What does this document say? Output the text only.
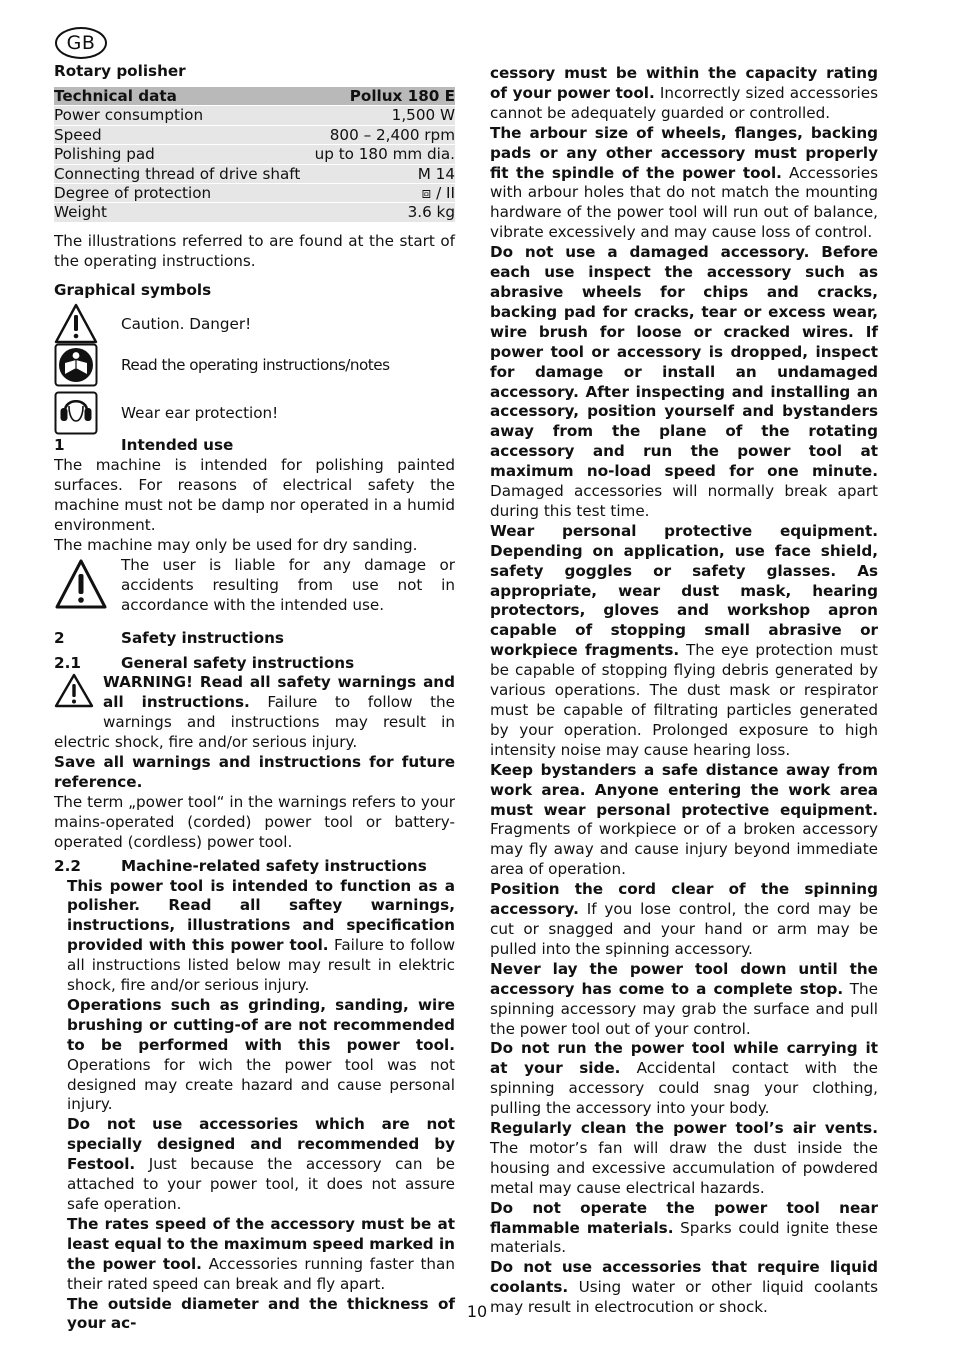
GB

Rotary polisher

Technical data	Pollux 180 E
Power consumption	1,500 W
Speed	800 – 2,400 rpm
Polishing pad	up to 180 mm dia.
Connecting thread of drive shaft	M 14
Degree of protection	⧈ / II
Weight	3.6 kg

The illustrations referred to are found at the start of the operating instructions.

Graphical symbols

Caution. Danger!
Read the operating instructions/notes
Wear ear protection!
1	Intended use

The machine is intended for polishing painted surfaces. For reasons of electrical safety the machine must not be damp nor operated in a humid environment.

The machine may only be used for dry sanding.

The user is liable for any damage or accidents resulting from use not in accordance with the intended use.

2	Safety instructions
2.1	General safety instructions

WARNING! Read all safety warnings and all instructions. Failure to follow the warnings and instructions may result in electric shock, fire and/or serious injury.

Save all warnings and instructions for future reference.

The term „power tool“ in the warnings refers to your mains-operated (corded) power tool or battery-operated (cordless) power tool.

2.2	Machine-related safety instructions

This power tool is intended to function as a polisher. Read all saftey warnings, instructions, illustrations and specification provided with this power tool. Failure to follow all instructions listed below may result in elektric shock, fire and/or serious injury.

Operations such as grinding, sanding, wire brushing or cutting-of are not recommended to be performed with this power tool. Operations for wich the power tool was not designed may create hazard and cause personal injury.

Do not use accessories which are not specially designed and recommended by Festool. Just because the accessory can be attached to your power tool, it does not assure safe operation.

The rates speed of the accessory must be at least equal to the maximum speed marked in the power tool. Accessories running faster than their rated speed can break and fly apart.

The outside diameter and the thickness of your ac-

cessory must be within the capacity rating of your power tool. Incorrectly sized accessories cannot be adequately guarded or controlled.

The arbour size of wheels, flanges, backing pads or any other accessory must properly fit the spindle of the power tool. Accessories with arbour holes that do not match the mounting hardware of the power tool will run out of balance, vibrate excessively and may cause loss of control.

Do not use a damaged accessory. Before each use inspect the accessory such as abrasive wheels for chips and cracks, backing pad for cracks, tear or excess wear, wire brush for loose or cracked wires. If power tool or accessory is dropped, inspect for damage or install an undamaged accessory. After inspecting and installing an accessory, position yourself and bystanders away from the plane of the rotating accessory and run the power tool at maximum no-load speed for one minute. Damaged accessories will normally break apart during this test time.

Wear personal protective equipment. Depending on application, use face shield, safety goggles or safety glasses. As appropriate, wear dust mask, hearing protectors, gloves and workshop apron capable of stopping small abrasive or workpiece fragments. The eye protection must be capable of stopping flying debris generated by various operations. The dust mask or respirator must be capable of filtrating particles generated by your operation. Prolonged exposure to high intensity noise may cause hearing loss.

Keep bystanders a safe distance away from work area. Anyone entering the work area must wear personal protective equipment. Fragments of workpiece or of a broken accessory may fly away and cause injury beyond immediate area of operation.

Position the cord clear of the spinning accessory. If you lose control, the cord may be cut or snagged and your hand or arm may be pulled into the spinning accessory.

Never lay the power tool down until the accessory has come to a complete stop. The spinning accessory may grab the surface and pull the power tool out of your control.

Do not run the power tool while carrying it at your side. Accidental contact with the spinning accessory could snag your clothing, pulling the accessory into your body.

Regularly clean the power tool’s air vents. The motor’s fan will draw the dust inside the housing and excessive accumulation of powdered metal may cause electrical hazards.

Do not operate the power tool near flammable materials. Sparks could ignite these materials.

Do not use accessories that require liquid coolants. Using water or other liquid coolants may result in electrocution or shock.

10
